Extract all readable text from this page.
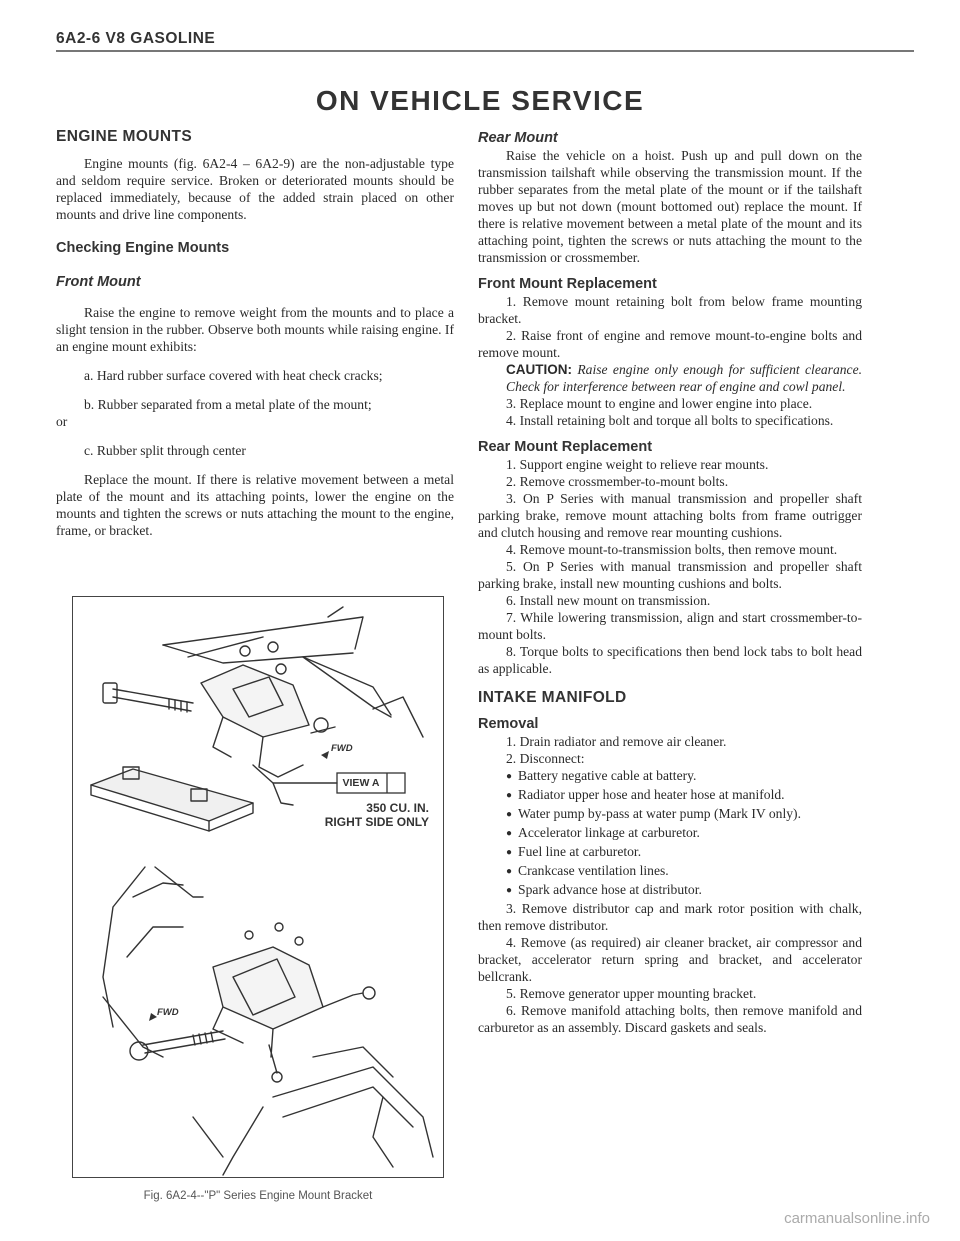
6A2-6 V8 GASOLINE
ON VEHICLE SERVICE
ENGINE MOUNTS

Engine mounts (fig. 6A2-4 – 6A2-9) are the non-adjustable type and seldom require service. Broken or deteriorated mounts should be replaced immediately, because of the added strain placed on other mounts and drive line components.

Checking Engine Mounts
Front Mount

Raise the engine to remove weight from the mounts and to place a slight tension in the rubber. Observe both mounts while raising engine. If an engine mount exhibits:

a. Hard rubber surface covered with heat check cracks;

b. Rubber separated from a metal plate of the mount;

or

c. Rubber split through center

Replace the mount. If there is relative movement between a metal plate of the mount and its attaching points, lower the engine on the mounts and tighten the screws or nuts attaching the mount to the engine, frame, or bracket.

FWD
VIEW A
350 CU. IN.
RIGHT SIDE ONLY
FWD
Fig. 6A2-4--"P" Series Engine Mount Bracket
Rear Mount

Raise the vehicle on a hoist. Push up and pull down on the transmission tailshaft while observing the transmission mount. If the rubber separates from the metal plate of the mount or if the tailshaft moves up but not down (mount bottomed out) replace the mount. If there is relative movement between a metal plate of the mount and its attaching point, tighten the screws or nuts attaching the mount to the transmission or crossmember.

Front Mount Replacement

1. Remove mount retaining bolt from below frame mounting bracket.

2. Raise front of engine and remove mount-to-engine bolts and remove mount.

CAUTION: Raise engine only enough for sufficient clearance. Check for interference between rear of engine and cowl panel.

3. Replace mount to engine and lower engine into place.

4. Install retaining bolt and torque all bolts to specifications.

Rear Mount Replacement

1. Support engine weight to relieve rear mounts.

2. Remove crossmember-to-mount bolts.

3. On P Series with manual transmission and propeller shaft parking brake, remove mount attaching bolts from frame outrigger and clutch housing and remove rear mounting cushions.

4. Remove mount-to-transmission bolts, then remove mount.

5. On P Series with manual transmission and propeller shaft parking brake, install new mounting cushions and bolts.

6. Install new mount on transmission.

7. While lowering transmission, align and start crossmember-to-mount bolts.

8. Torque bolts to specifications then bend lock tabs to bolt head as applicable.

INTAKE MANIFOLD
Removal

1. Drain radiator and remove air cleaner.

2. Disconnect:

● Battery negative cable at battery.
● Radiator upper hose and heater hose at manifold.
● Water pump by-pass at water pump (Mark IV only).
● Accelerator linkage at carburetor.
● Fuel line at carburetor.
● Crankcase ventilation lines.
● Spark advance hose at distributor.

3. Remove distributor cap and mark rotor position with chalk, then remove distributor.

4. Remove (as required) air cleaner bracket, air compressor and bracket, accelerator return spring and bracket, and accelerator bellcrank.

5. Remove generator upper mounting bracket.

6. Remove manifold attaching bolts, then remove manifold and carburetor as an assembly. Discard gaskets and seals.

carmanualsonline.info
